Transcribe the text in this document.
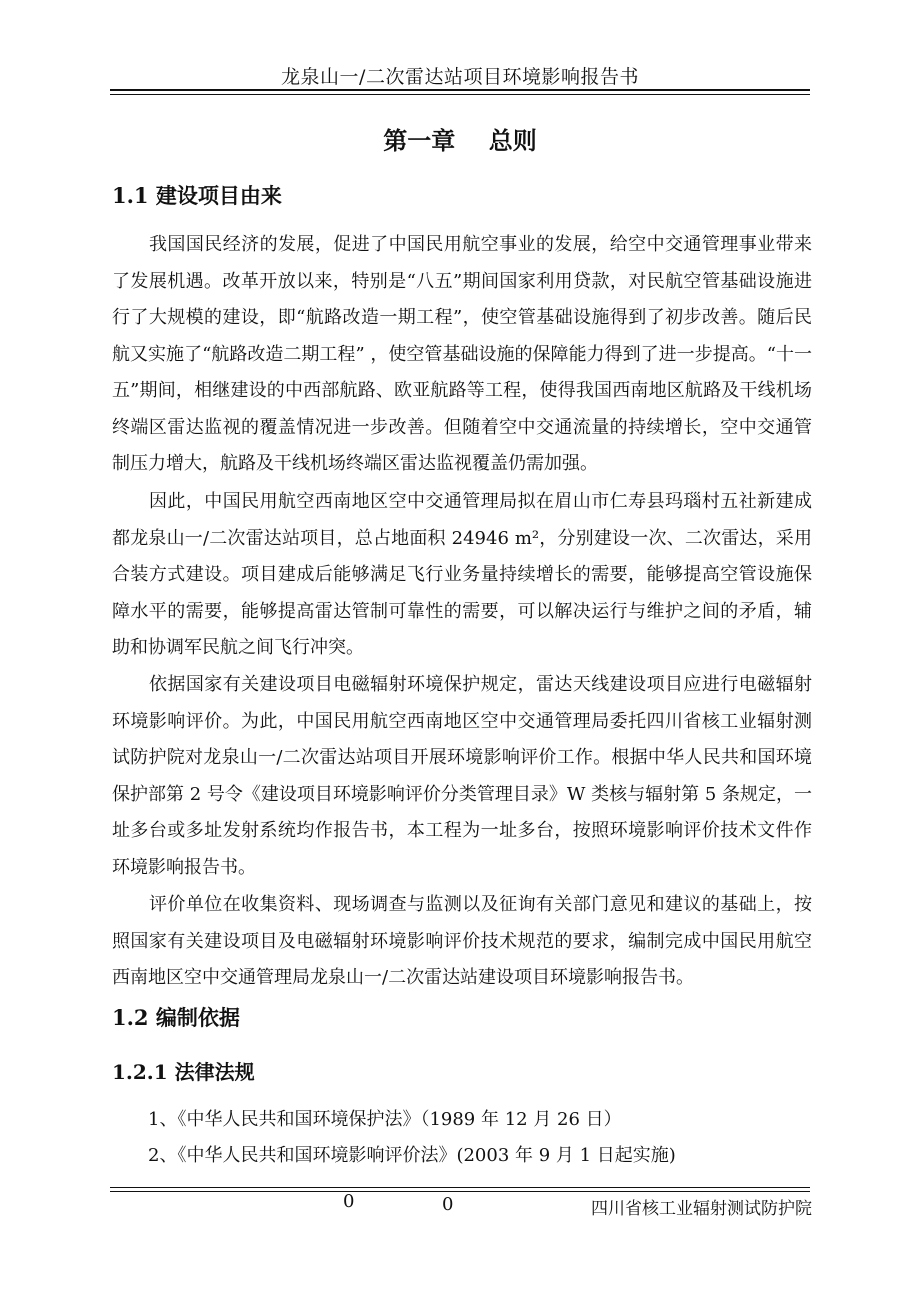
龙泉山一/二次雷达站项目环境影响报告书
第一章    总则
1.1 建设项目由来

我国国民经济的发展，促进了中国民用航空事业的发展，给空中交通管理事业带来了发展机遇。改革开放以来，特别是“八五”期间国家利用贷款，对民航空管基础设施进行了大规模的建设，即“航路改造一期工程”，使空管基础设施得到了初步改善。随后民航又实施了“航路改造二期工程” ，使空管基础设施的保障能力得到了进一步提高。“十一五”期间，相继建设的中西部航路、欧亚航路等工程，使得我国西南地区航路及干线机场终端区雷达监视的覆盖情况进一步改善。但随着空中交通流量的持续增长，空中交通管制压力增大，航路及干线机场终端区雷达监视覆盖仍需加强。

因此，中国民用航空西南地区空中交通管理局拟在眉山市仁寿县玛瑙村五社新建成都龙泉山一/二次雷达站项目，总占地面积 24946 m²，分别建设一次、二次雷达，采用合装方式建设。项目建成后能够满足飞行业务量持续增长的需要，能够提高空管设施保障水平的需要，能够提高雷达管制可靠性的需要，可以解决运行与维护之间的矛盾，辅助和协调军民航之间飞行冲突。

依据国家有关建设项目电磁辐射环境保护规定，雷达天线建设项目应进行电磁辐射环境影响评价。为此，中国民用航空西南地区空中交通管理局委托四川省核工业辐射测试防护院对龙泉山一/二次雷达站项目开展环境影响评价工作。根据中华人民共和国环境保护部第 2 号令《建设项目环境影响评价分类管理目录》W 类核与辐射第 5 条规定，一址多台或多址发射系统均作报告书，本工程为一址多台，按照环境影响评价技术文件作环境影响报告书。

评价单位在收集资料、现场调查与监测以及征询有关部门意见和建议的基础上，按照国家有关建设项目及电磁辐射环境影响评价技术规范的要求，编制完成中国民用航空西南地区空中交通管理局龙泉山一/二次雷达站建设项目环境影响报告书。

1.2 编制依据
1.2.1 法律法规
1、《中华人民共和国环境保护法》（1989 年 12 月 26 日）
2、《中华人民共和国环境影响评价法》(2003 年 9 月 1 日起实施)
0	0	四川省核工业辐射测试防护院
